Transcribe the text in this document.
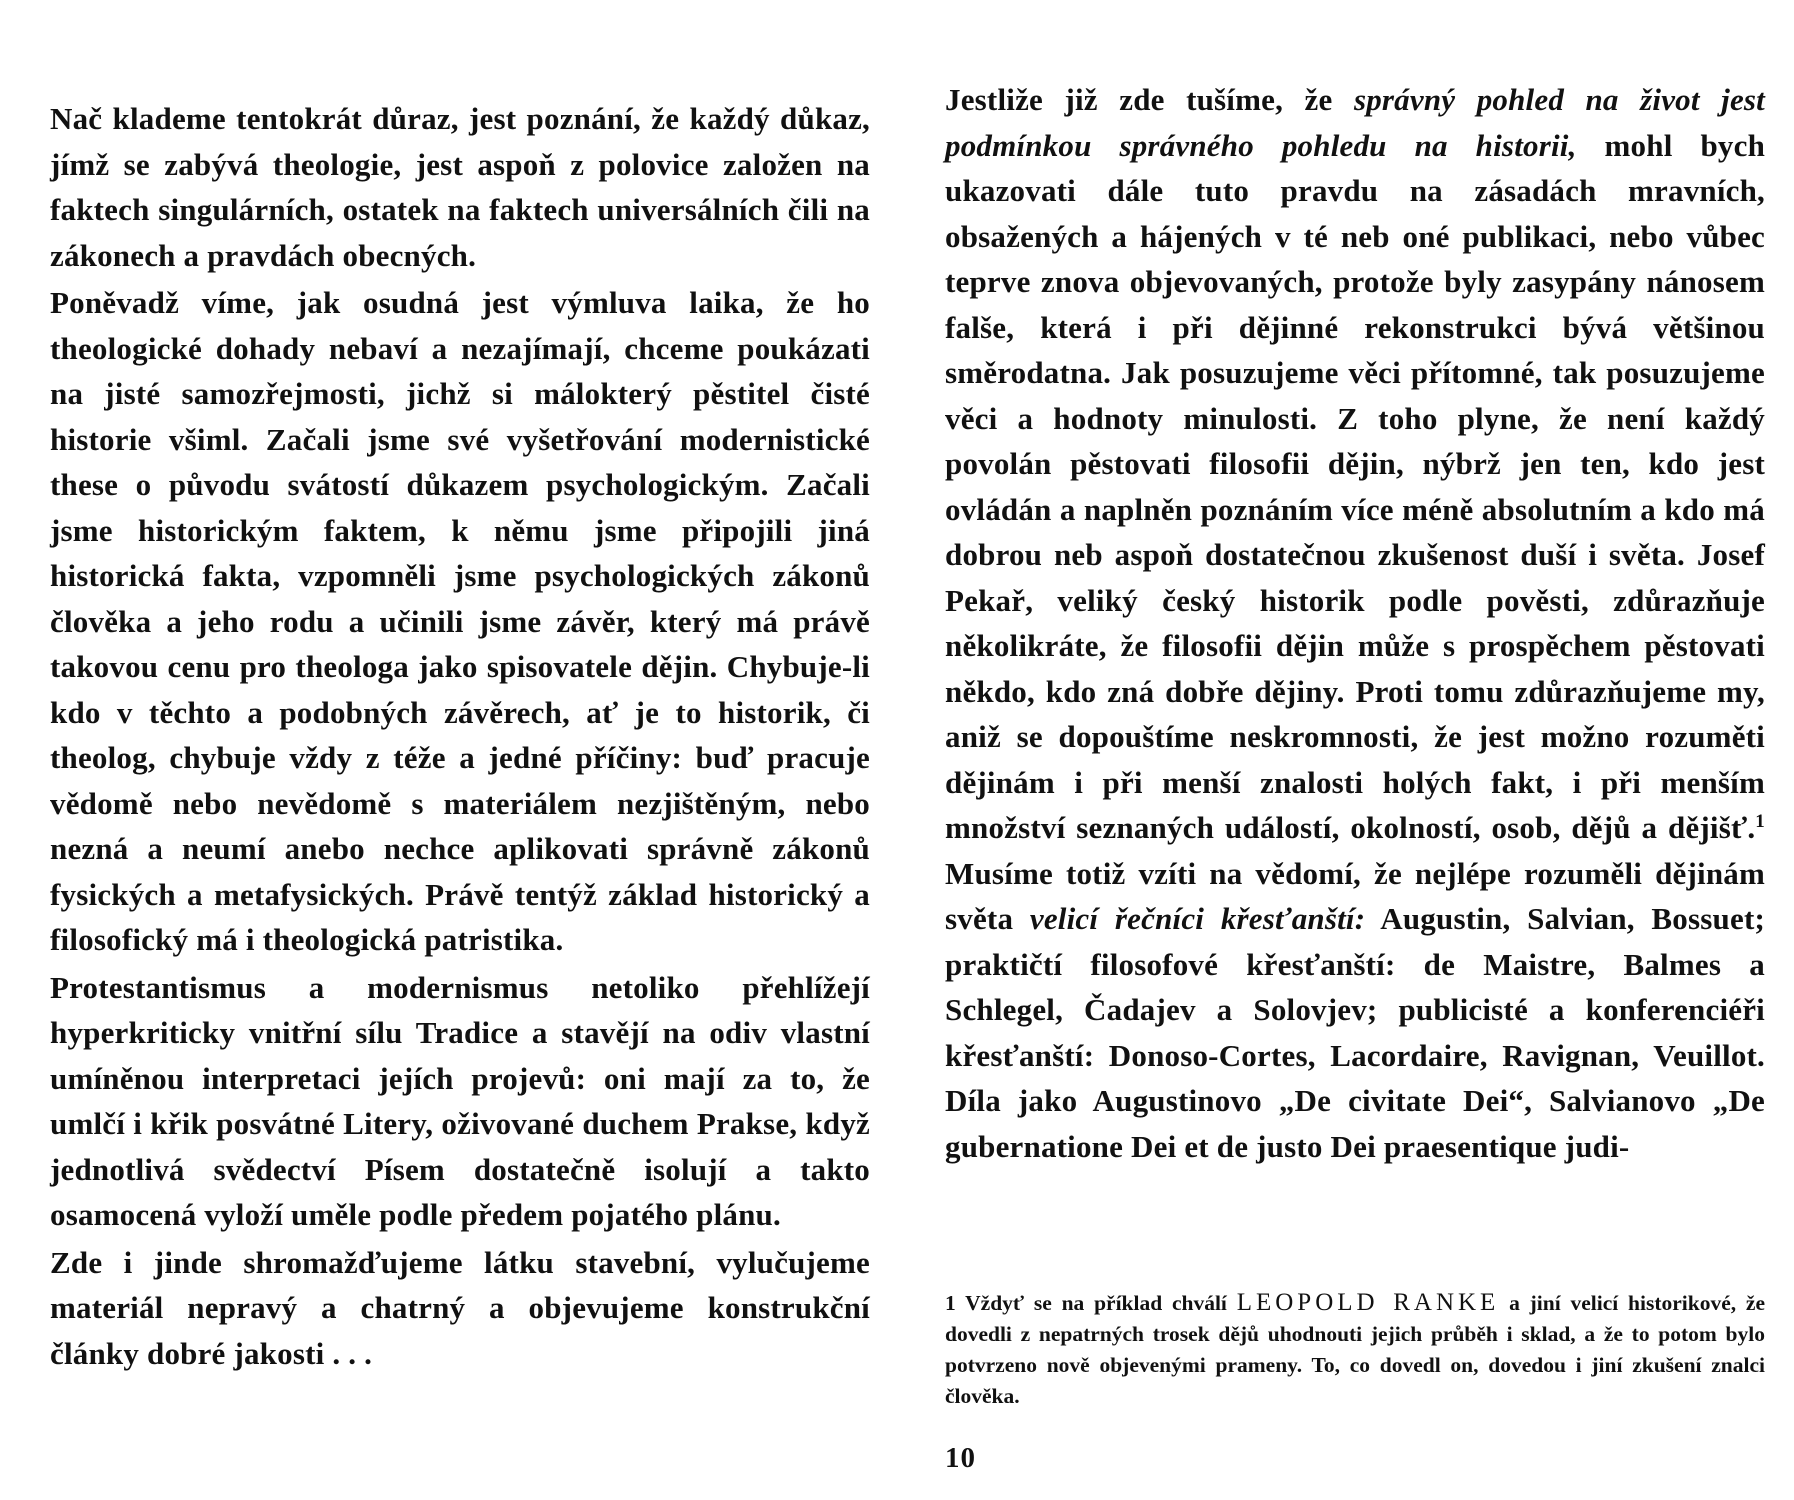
Nač klademe tentokrát důraz, jest poznání, že každý důkaz, jímž se zabývá theologie, jest aspoň z polovice založen na faktech singulárních, ostatek na faktech universálních čili na zákonech a pravdách obecných.

Poněvadž víme, jak osudná jest výmluva laika, že ho theologické dohady nebaví a nezajímají, chceme poukázati na jisté samozřejmosti, jichž si málokterý pěstitel čisté historie všiml. Začali jsme své vyšetřování modernistické these o původu svátostí důkazem psychologickým. Začali jsme historickým faktem, k němu jsme připojili jiná historická fakta, vzpomněli jsme psychologických zákonů člověka a jeho rodu a učinili jsme závěr, který má právě takovou cenu pro theologa jako spisovatele dějin. Chybuje-li kdo v těchto a podobných závěrech, ať je to historik, či theolog, chybuje vždy z téže a jedné příčiny: buď pracuje vědomě nebo nevědomě s materiálem nezjištěným, nebo nezná a neumí anebo nechce aplikovati správně zákonů fysických a metafysických. Právě tentýž základ historický a filosofický má i theologická patristika.

Protestantismus a modernismus netoliko přehlížejí hyperkriticky vnitřní sílu Tradice a stavějí na odiv vlastní umíněnou interpretaci jejích projevů: oni mají za to, že umlčí i křik posvátné Litery, oživované duchem Prakse, když jednotlivá svědectví Písem dostatečně isolují a takto osamocená vyloží uměle podle předem pojatého plánu.

Zde i jinde shromažďujeme látku stavební, vylučujeme materiál nepravý a chatrný a objevujeme konstrukční články dobré jakosti . . .

Jestliže již zde tušíme, že správný pohled na život jest podmínkou správného pohledu na historii, mohl bych ukazovati dále tuto pravdu na zásadách mravních, obsažených a hájených v té neb oné publikaci, nebo vůbec teprve znova objevovaných, protože byly zasypány nánosem falše, která i při dějinné rekonstrukci bývá většinou směrodatna. Jak posuzujeme věci přítomné, tak posuzujeme věci a hodnoty minulosti. Z toho plyne, že není každý povolán pěstovati filosofii dějin, nýbrž jen ten, kdo jest ovládán a naplněn poznáním více méně absolutním a kdo má dobrou neb aspoň dostatečnou zkušenost duší i světa. Josef Pekař, veliký český historik podle pověsti, zdůrazňuje několikráte, že filosofii dějin může s prospěchem pěstovati někdo, kdo zná dobře dějiny. Proti tomu zdůrazňujeme my, aniž se dopouštíme neskromnosti, že jest možno rozuměti dějinám i při menší znalosti holých fakt, i při menším množství seznaných událostí, okolností, osob, dějů a dějišť.$^1$ Musíme totiž vzíti na vědomí, že nejlépe rozuměli dějinám světa velicí řečníci křesťanští: Augustin, Salvian, Bossuet; praktičtí filosofové křesťanští: de Maistre, Balmes a Schlegel, Čadajev a Solovjev; publicisté a konferenciéři křesťanští: Donoso-Cortes, Lacordaire, Ravignan, Veuillot. Díla jako Augustinovo „De civitate Dei“, Salvianovo „De gubernatione Dei et de justo Dei praesentique judi-

1 Vždyť se na příklad chválí LEOPOLD RANKE a jiní velicí historikové, že dovedli z nepatrných trosek dějů uhodnouti jejich průběh i sklad, a že to potom bylo potvrzeno nově objevenými prameny. To, co dovedl on, dovedou i jiní zkušení znalci člověka.

10
